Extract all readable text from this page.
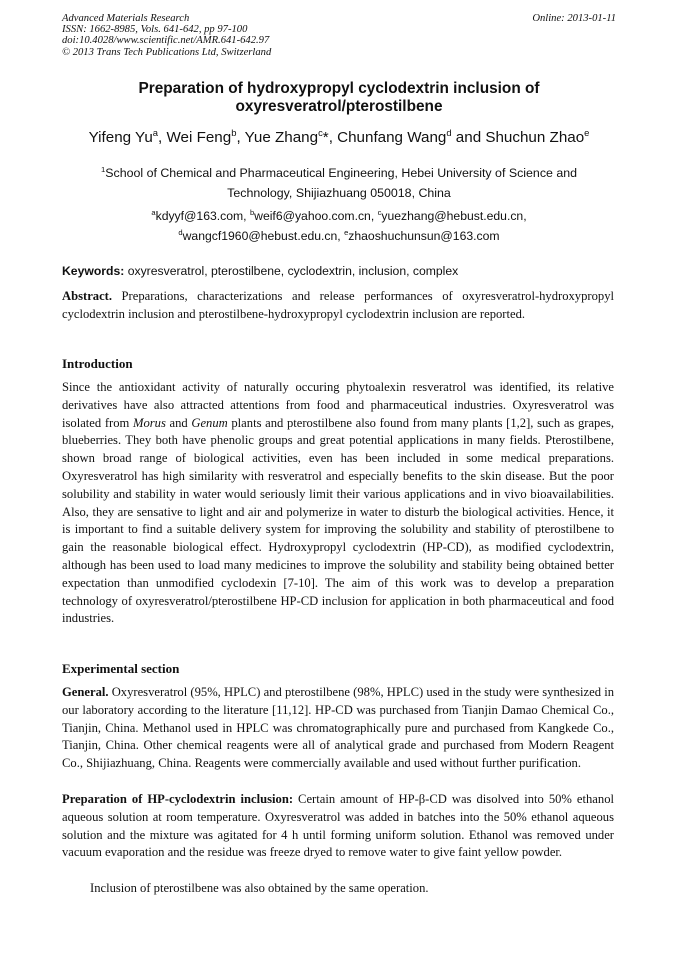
Advanced Materials Research	Online: 2013-01-11
ISSN: 1662-8985, Vols. 641-642, pp 97-100
doi:10.4028/www.scientific.net/AMR.641-642.97
© 2013 Trans Tech Publications Ltd, Switzerland
Preparation of hydroxypropyl cyclodextrin inclusion of
oxyresveratrol/pterostilbene
Yifeng Yu$^a$, Wei Feng$^b$, Yue Zhang$^c$*, Chunfang Wang$^d$ and Shuchun Zhao$^e$
$^1$School of Chemical and Pharmaceutical Engineering, Hebei University of Science and
Technology, Shijiazhuang 050018, China
$^a$kdyyf@163.com, $^b$weif6@yahoo.com.cn, $^c$yuezhang@hebust.edu.cn,
$^d$wangcf1960@hebust.edu.cn, $^e$zhaoshuchunsun@163.com
Keywords: oxyresveratrol, pterostilbene, cyclodextrin, inclusion, complex
Abstract. Preparations, characterizations and release performances of oxyresveratrol-hydroxypropyl cyclodextrin inclusion and pterostilbene-hydroxypropyl cyclodextrin inclusion are reported.
Introduction
Since the antioxidant activity of naturally occuring phytoalexin resveratrol was identified, its relative derivatives have also attracted attentions from food and pharmaceutical industries. Oxyresveratrol was isolated from Morus and Genum plants and pterostilbene also found from many plants [1,2], such as grapes, blueberries. They both have phenolic groups and great potential applications in many fields. Pterostilbene, shown broad range of biological activities, even has been included in some medical preparations. Oxyresveratrol has high similarity with resveratrol and especially benefits to the skin disease. But the poor solubility and stability in water would seriously limit their various applications and in vivo bioavailabilities. Also, they are sensative to light and air and polymerize in water to disturb the biological activities. Hence, it is important to find a suitable delivery system for improving the solubility and stability of pterostilbene to gain the reasonable biological effect. Hydroxypropyl cyclodextrin (HP-CD), as modified cyclodextrin, although has been used to load many medicines to improve the solubility and stability being obtained better expectation than unmodified cyclodexin [7-10]. The aim of this work was to develop a preparation technology of oxyresveratrol/pterostilbene HP-CD inclusion for application in both pharmaceutical and food industries.
Experimental section
General. Oxyresveratrol (95%, HPLC) and pterostilbene (98%, HPLC) used in the study were synthesized in our laboratory according to the literature [11,12]. HP-CD was purchased from Tianjin Damao Chemical Co., Tianjin, China. Methanol used in HPLC was chromatographically pure and purchased from Kangkede Co., Tianjin, China. Other chemical reagents were all of analytical grade and purchased from Modern Reagent Co., Shijiazhuang, China. Reagents were commercially available and used without further purification.
Preparation of HP-cyclodextrin inclusion: Certain amount of HP-β-CD was disolved into 50% ethanol aqueous solution at room temperature. Oxyresveratrol was added in batches into the 50% ethanol aqueous solution and the mixture was agitated for 4 h until forming uniform solution. Ethanol was removed under vacuum evaporation and the residue was freeze dryed to remove water to give faint yellow powder.
Inclusion of pterostilbene was also obtained by the same operation.
